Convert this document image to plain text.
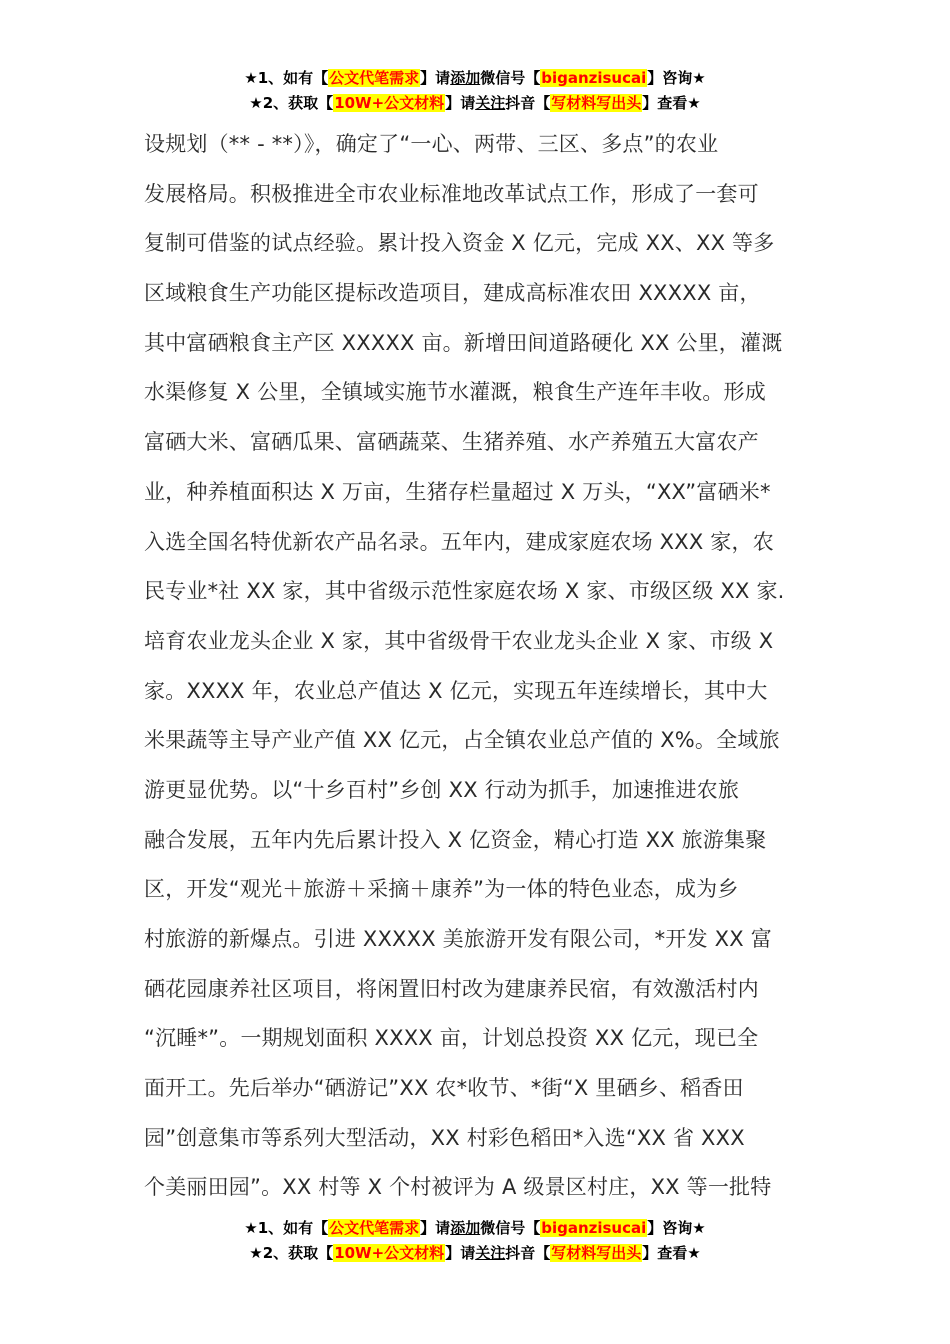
★1、如有【公文代笔需求】请添加微信号【biganzisucai】咨询★
★2、获取【10W+公文材料】请关注抖音【写材料写出头】查看★
设规划（** - **）》，确定了“一心、两带、三区、多点”的农业
发展格局。积极推进全市农业标准地改革试点工作，形成了一套可
复制可借鉴的试点经验。累计投入资金 X 亿元，完成 XX、XX 等多
区域粮食生产功能区提标改造项目，建成高标准农田 XXXXX 亩，
其中富硒粮食主产区 XXXXX 亩。新增田间道路硬化 XX 公里，灌溉
水渠修复 X 公里，全镇域实施节水灌溉，粮食生产连年丰收。形成
富硒大米、富硒瓜果、富硒蔬菜、生猪养殖、水产养殖五大富农产
业，种养植面积达 X 万亩，生猪存栏量超过 X 万头，“XX”富硒米*
入选全国名特优新农产品名录。五年内，建成家庭农场 XXX 家，农
民专业*社 XX 家，其中省级示范性家庭农场 X 家、市级区级 XX 家.
培育农业龙头企业 X 家，其中省级骨干农业龙头企业 X 家、市级 X
家。XXXX 年，农业总产值达 X 亿元，实现五年连续增长，其中大
米果蔬等主导产业产值 XX 亿元，占全镇农业总产值的 X%。全域旅
游更显优势。以“十乡百村”乡创 XX 行动为抓手，加速推进农旅
融合发展，五年内先后累计投入 X 亿资金，精心打造 XX 旅游集聚
区，开发“观光＋旅游＋采摘＋康养”为一体的特色业态，成为乡
村旅游的新爆点。引进 XXXXX 美旅游开发有限公司，*开发 XX 富
硒花园康养社区项目，将闲置旧村改为建康养民宿，有效激活村内
“沉睡*”。一期规划面积 XXXX 亩，计划总投资 XX 亿元，现已全
面开工。先后举办“硒游记”XX 农*收节、*街“X 里硒乡、稻香田
园”创意集市等系列大型活动，XX 村彩色稻田*入选“XX 省 XXX
个美丽田园”。XX 村等 X 个村被评为 A 级景区村庄，XX 等一批特
★1、如有【公文代笔需求】请添加微信号【biganzisucai】咨询★
★2、获取【10W+公文材料】请关注抖音【写材料写出头】查看★
